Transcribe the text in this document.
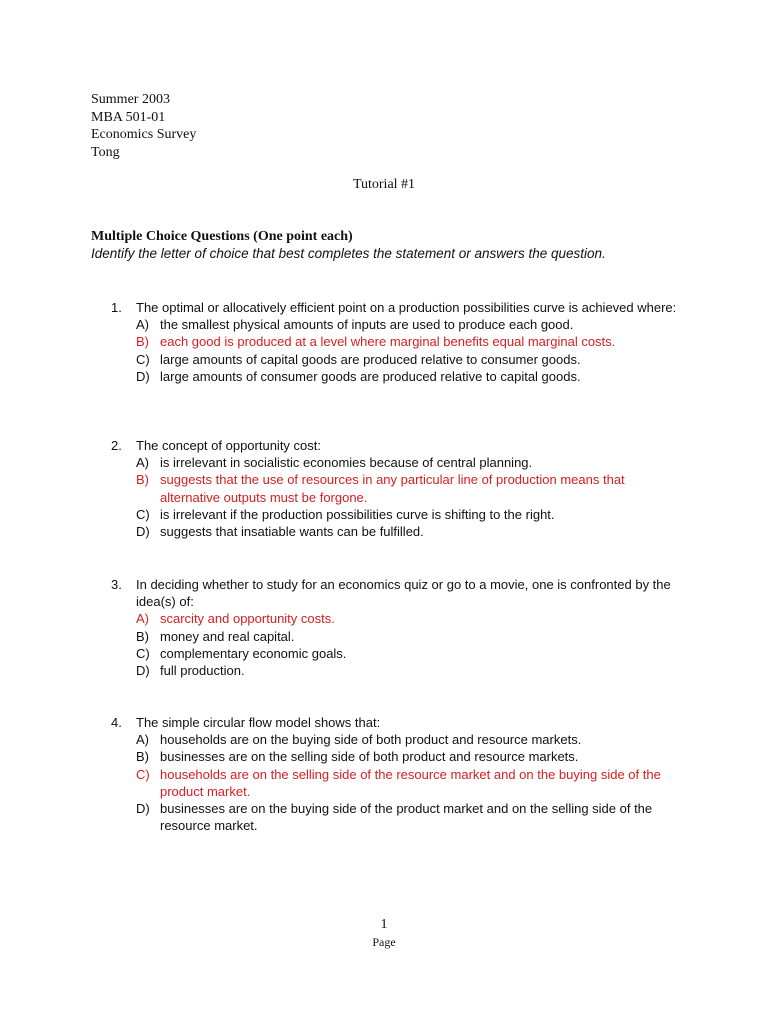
Summer 2003
MBA 501-01
Economics Survey
Tong
Tutorial #1
Multiple Choice Questions (One point each)
Identify the letter of choice that best completes the statement or answers the question.
1. The optimal or allocatively efficient point on a production possibilities curve is achieved where:
A) the smallest physical amounts of inputs are used to produce each good.
B) each good is produced at a level where marginal benefits equal marginal costs.
C) large amounts of capital goods are produced relative to consumer goods.
D) large amounts of consumer goods are produced relative to capital goods.
2. The concept of opportunity cost:
A) is irrelevant in socialistic economies because of central planning.
B) suggests that the use of resources in any particular line of production means that alternative outputs must be forgone.
C) is irrelevant if the production possibilities curve is shifting to the right.
D) suggests that insatiable wants can be fulfilled.
3. In deciding whether to study for an economics quiz or go to a movie, one is confronted by the idea(s) of:
A) scarcity and opportunity costs.
B) money and real capital.
C) complementary economic goals.
D) full production.
4. The simple circular flow model shows that:
A) households are on the buying side of both product and resource markets.
B) businesses are on the selling side of both product and resource markets.
C) households are on the selling side of the resource market and on the buying side of the product market.
D) businesses are on the buying side of the product market and on the selling side of the resource market.
1
Page
